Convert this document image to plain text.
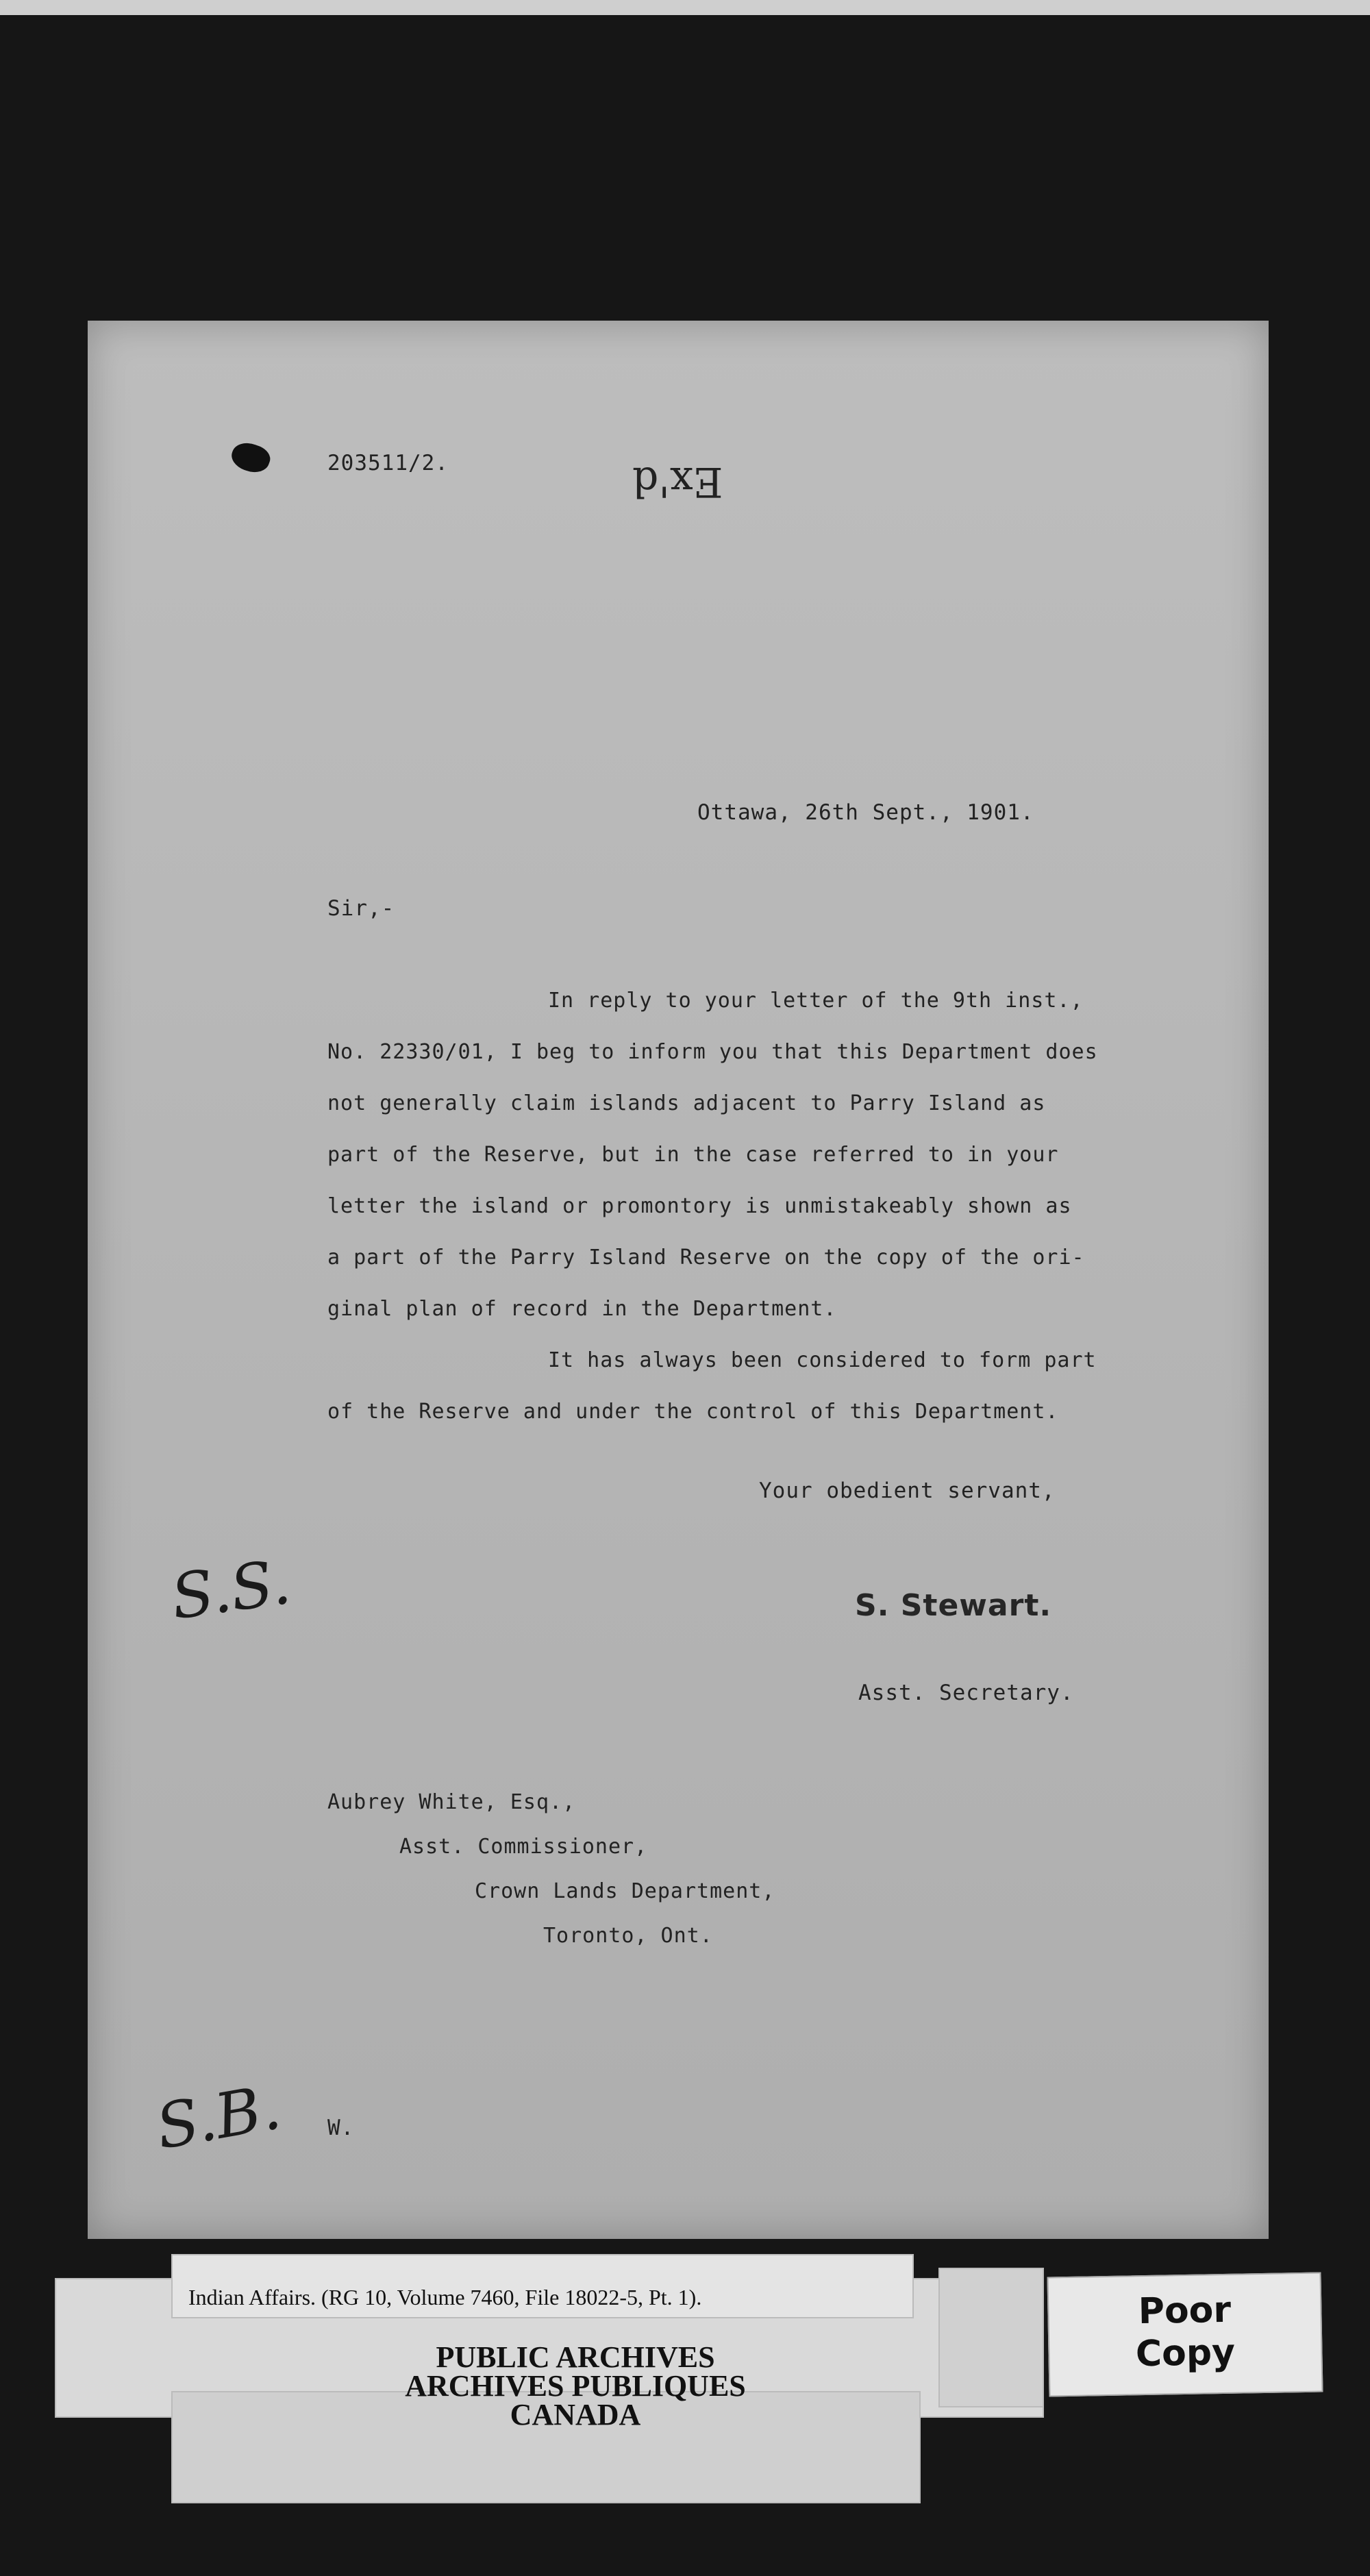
203511/2.	Ex'd
Ottawa, 26th Sept., 1901.
Sir,-
In reply to your letter of the 9th inst.,
No. 22330/01, I beg to inform you that this Department does
not generally claim islands adjacent to Parry Island as
part of the Reserve, but in the case referred to in your
letter the island or promontory is unmistakeably shown as
a part of the Parry Island Reserve on the copy of the ori-
ginal plan of record in the Department.
It has always been considered to form part
of the Reserve and under the control of this Department.
Your obedient servant,
S. Stewart.
Asst. Secretary.
Aubrey White, Esq.,
Asst. Commissioner,
Crown Lands Department,
Toronto, Ont.
S.S.
S.B. W.
Indian Affairs. (RG 10, Volume 7460, File 18022-5, Pt. 1).
PUBLIC ARCHIVES
ARCHIVES PUBLIQUES
CANADA
Poor
Copy
